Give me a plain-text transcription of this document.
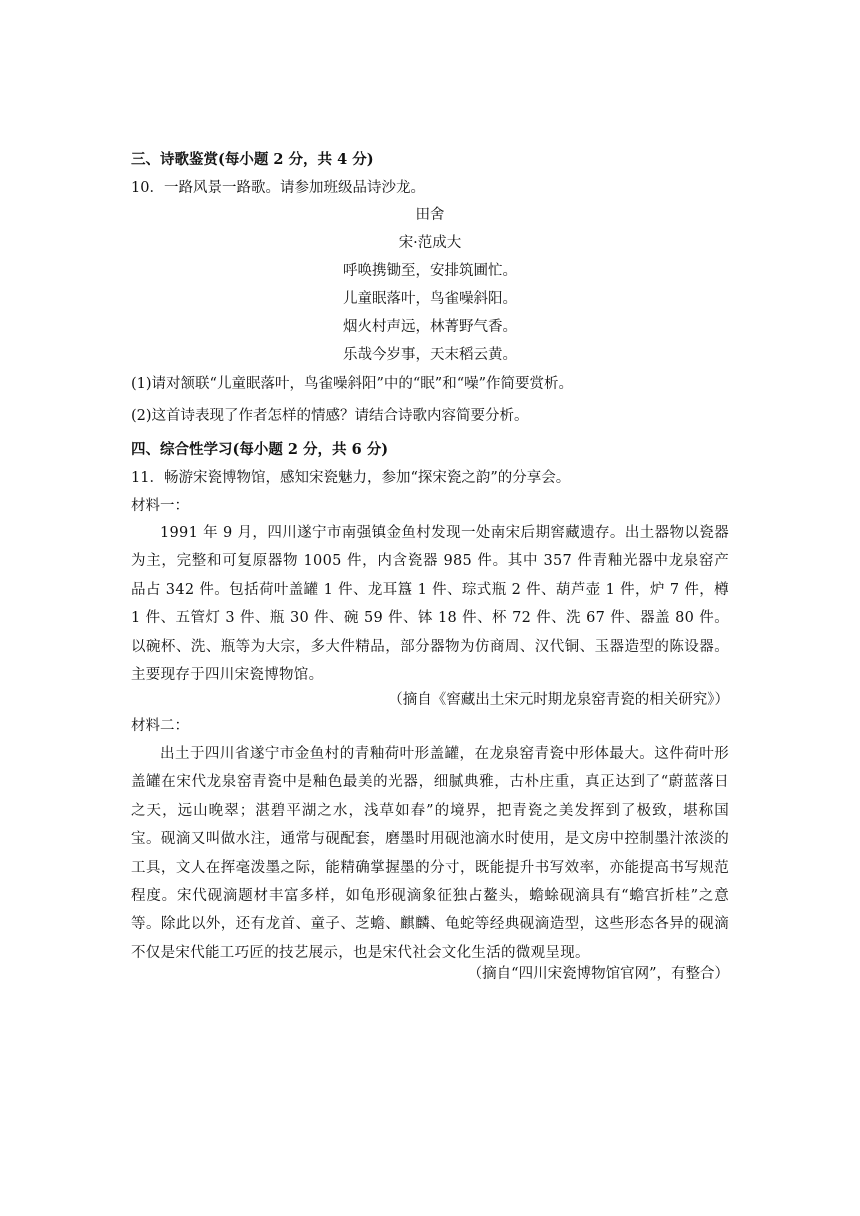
三、诗歌鉴赏(每小题 2 分，共 4 分)
10．一路风景一路歌。请参加班级品诗沙龙。
田舍
宋·范成大
呼唤携锄至，安排筑圃忙。
儿童眠落叶，鸟雀噪斜阳。
烟火村声远，林菁野气香。
乐哉今岁事，天末稻云黄。
(1)请对颔联“儿童眠落叶，鸟雀噪斜阳”中的“眠”和“噪”作简要赏析。
(2)这首诗表现了作者怎样的情感？请结合诗歌内容简要分析。
四、综合性学习(每小题 2 分，共 6 分)
11．畅游宋瓷博物馆，感知宋瓷魅力，参加“探宋瓷之韵”的分享会。
材料一：
1991 年 9 月，四川遂宁市南强镇金鱼村发现一处南宋后期窖藏遗存。出土器物以瓷器为主，完整和可复原器物 1005 件，内含瓷器 985 件。其中 357 件青釉光器中龙泉窑产品占 342 件。包括荷叶盖罐 1 件、龙耳簋 1 件、琮式瓶 2 件、葫芦壶 1 件，炉 7 件，樽 1 件、五管灯 3 件、瓶 30 件、碗 59 件、钵 18 件、杯 72 件、洗 67 件、器盖 80 件。以碗杯、洗、瓶等为大宗，多大件精品，部分器物为仿商周、汉代铜、玉器造型的陈设器。主要现存于四川宋瓷博物馆。
（摘自《窖藏出土宋元时期龙泉窑青瓷的相关研究》）
材料二：
出土于四川省遂宁市金鱼村的青釉荷叶形盖罐，在龙泉窑青瓷中形体最大。这件荷叶形盖罐在宋代龙泉窑青瓷中是釉色最美的光器，细腻典雅，古朴庄重，真正达到了“蔚蓝落日之天，远山晚翠；湛碧平湖之水，浅草如春”的境界，把青瓷之美发挥到了极致，堪称国宝。砚滴又叫做水注，通常与砚配套，磨墨时用砚池滴水时使用，是文房中控制墨汁浓淡的工具，文人在挥毫泼墨之际，能精确掌握墨的分寸，既能提升书写效率，亦能提高书写规范程度。宋代砚滴题材丰富多样，如龟形砚滴象征独占鳌头，蟾蜍砚滴具有“蟾宫折桂”之意等。除此以外，还有龙首、童子、芝蟾、麒麟、龟蛇等经典砚滴造型，这些形态各异的砚滴不仅是宋代能工巧匠的技艺展示，也是宋代社会文化生活的微观呈现。
（摘自“四川宋瓷博物馆官网”，有整合）
